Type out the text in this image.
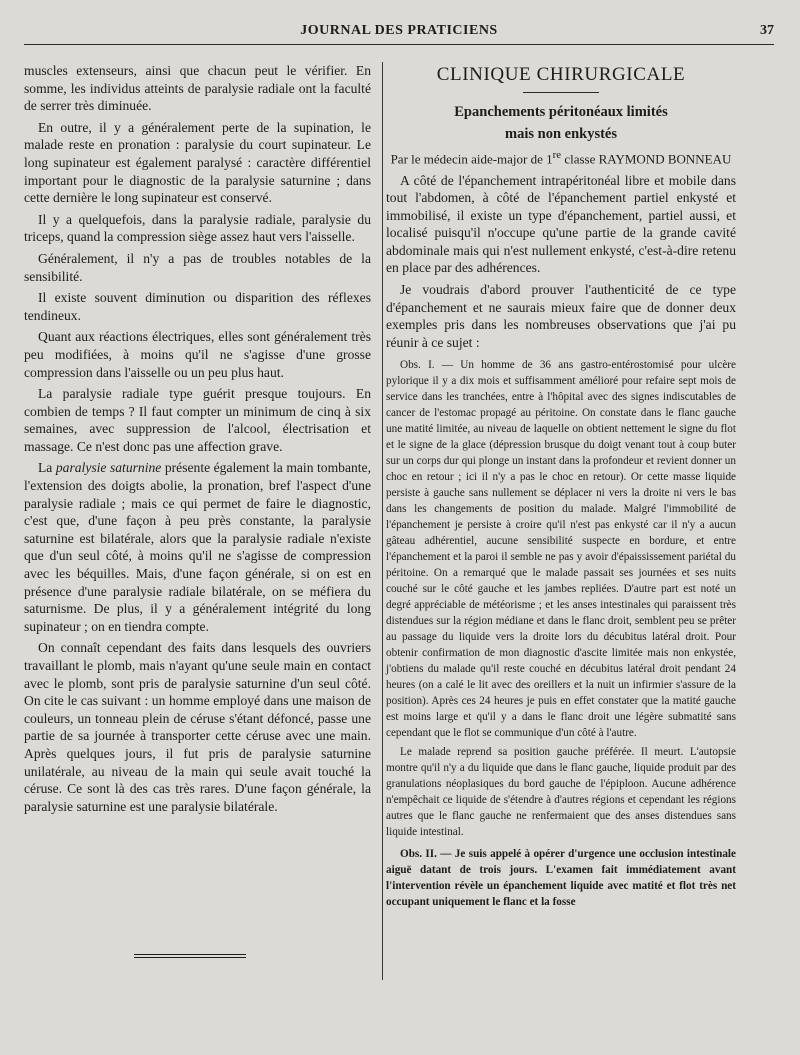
JOURNAL DES PRATICIENS	37

muscles extenseurs, ainsi que chacun peut le vérifier. En somme, les individus atteints de paralysie radiale ont la faculté de serrer très diminuée.

En outre, il y a généralement perte de la supination, le malade reste en pronation : paralysie du court supinateur. Le long supinateur est également paralysé : caractère différentiel important pour le diagnostic de la paralysie saturnine ; dans cette dernière le long supinateur est conservé.

Il y a quelquefois, dans la paralysie radiale, paralysie du triceps, quand la compression siège assez haut vers l'aisselle.

Généralement, il n'y a pas de troubles notables de la sensibilité.

Il existe souvent diminution ou disparition des réflexes tendineux.

Quant aux réactions électriques, elles sont généralement très peu modifiées, à moins qu'il ne s'agisse d'une grosse compression dans l'aisselle ou un peu plus haut.

La paralysie radiale type guérit presque toujours. En combien de temps ? Il faut compter un minimum de cinq à six semaines, avec suppression de l'alcool, électrisation et massage. Ce n'est donc pas une affection grave.

La paralysie saturnine présente également la main tombante, l'extension des doigts abolie, la pronation, bref l'aspect d'une paralysie radiale ; mais ce qui permet de faire le diagnostic, c'est que, d'une façon à peu près constante, la paralysie saturnine est bilatérale, alors que la paralysie radiale n'existe que d'un seul côté, à moins qu'il ne s'agisse de compression avec les béquilles. Mais, d'une façon générale, si on est en présence d'une paralysie radiale bilatérale, on se méfiera du saturnisme. De plus, il y a généralement intégrité du long supinateur ; on en tiendra compte.

On connaît cependant des faits dans lesquels des ouvriers travaillant le plomb, mais n'ayant qu'une seule main en contact avec le plomb, sont pris de paralysie saturnine d'un seul côté. On cite le cas suivant : un homme employé dans une maison de couleurs, un tonneau plein de céruse s'étant défoncé, passe une partie de sa journée à transporter cette céruse avec une main. Après quelques jours, il fut pris de paralysie saturnine unilatérale, au niveau de la main qui seule avait touché la céruse. Ce sont là des cas très rares. D'une façon générale, la paralysie saturnine est une paralysie bilatérale.

CLINIQUE CHIRURGICALE
Epanchements péritonéaux limités
mais non enkystés
Par le médecin aide-major de 1re classe RAYMOND BONNEAU

A côté de l'épanchement intrapéritonéal libre et mobile dans tout l'abdomen, à côté de l'épanchement partiel enkysté et immobilisé, il existe un type d'épanchement, partiel aussi, et localisé puisqu'il n'occupe qu'une partie de la grande cavité abdominale mais qui n'est nullement enkysté, c'est-à-dire retenu en place par des adhérences.

Je voudrais d'abord prouver l'authenticité de ce type d'épanchement et ne saurais mieux faire que de donner deux exemples pris dans les nombreuses observations que j'ai pu réunir à ce sujet :

Obs. I. — Un homme de 36 ans gastro-entérostomisé pour ulcère pylorique il y a dix mois et suffisamment amélioré pour refaire sept mois de service dans les tranchées, entre à l'hôpital avec des signes indiscutables de cancer de l'estomac propagé au péritoine. On constate dans le flanc gauche une matité limitée, au niveau de laquelle on obtient nettement le signe du flot et le signe de la glace (dépression brusque du doigt venant tout à coup buter sur un corps dur qui plonge un instant dans la profondeur et revient donner un choc en retour ; ici il n'y a pas le choc en retour). Or cette masse liquide persiste à gauche sans nullement se déplacer ni vers la droite ni vers le bas dans les changements de position du malade. Malgré l'immobilité de l'épanchement je persiste à croire qu'il n'est pas enkysté car il n'y a aucun gâteau adhérentiel, aucune sensibilité suspecte en bordure, et entre l'épanchement et la paroi il semble ne pas y avoir d'épaississement pariétal du péritoine. On a remarqué que le malade passait ses journées et ses nuits couché sur le côté gauche et les jambes repliées. D'autre part est noté un degré appréciable de météorisme ; et les anses intestinales qui paraissent très distendues sur la région médiane et dans le flanc droit, semblent peu se prêter au passage du liquide vers la droite lors du décubitus latéral droit. Pour obtenir confirmation de mon diagnostic d'ascite limitée mais non enkystée, j'obtiens du malade qu'il reste couché en décubitus latéral droit pendant 24 heures (on a calé le lit avec des oreillers et la nuit un infirmier s'assure de la position). Après ces 24 heures je puis en effet constater que la matité gauche est moins large et qu'il y a dans le flanc droit une légère submatité sans cependant que le flot se communique d'un côté à l'autre.

Le malade reprend sa position gauche préférée. Il meurt. L'autopsie montre qu'il n'y a du liquide que dans le flanc gauche, liquide produit par des granulations néoplasiques du bord gauche de l'épiploon. Aucune adhérence n'empêchait ce liquide de s'étendre à d'autres régions et cependant les régions autres que le flanc gauche ne renfermaient que des anses distendues sans liquide intestinal.

Obs. II. — Je suis appelé à opérer d'urgence une occlusion intestinale aiguë datant de trois jours. L'examen fait immédiatement avant l'intervention révèle un épanchement liquide avec matité et flot très net occupant uniquement le flanc et la fosse
